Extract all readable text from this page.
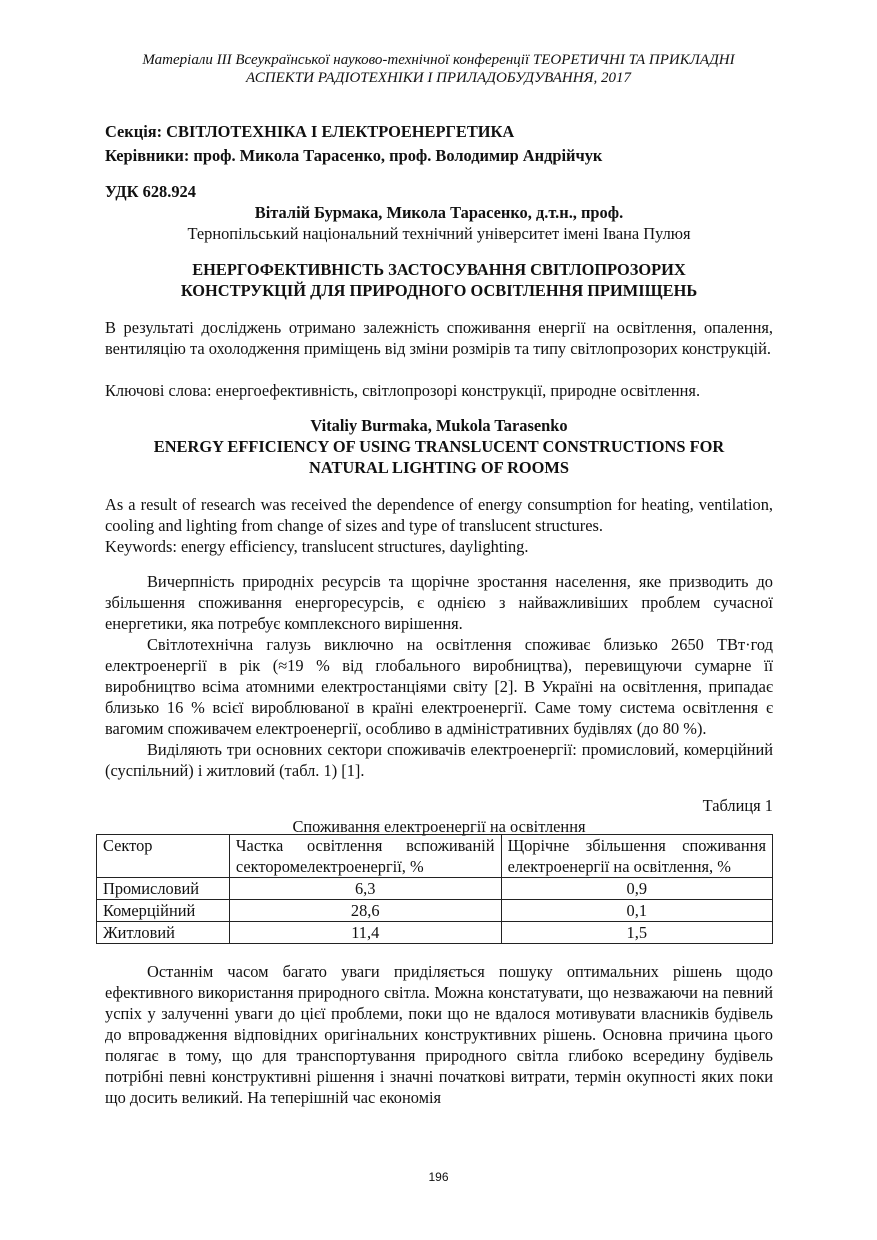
Матеріали III Всеукраїнської науково-технічної конференції ТЕОРЕТИЧНІ ТА ПРИКЛАДНІ
АСПЕКТИ РАДІОТЕХНІКИ І ПРИЛАДОБУДУВАННЯ, 2017
Секція: СВІТЛОТЕХНІКА І ЕЛЕКТРОЕНЕРГЕТИКА
Керівники: проф. Микола Тарасенко, проф. Володимир Андрійчук
УДК 628.924
Віталій Бурмака, Микола Тарасенко, д.т.н., проф.
Тернопільський національний технічний університет імені Івана Пулюя
ЕНЕРГОФЕКТИВНІСТЬ ЗАСТОСУВАННЯ СВІТЛОПРОЗОРИХ
КОНСТРУКЦІЙ ДЛЯ ПРИРОДНОГО ОСВІТЛЕННЯ ПРИМІЩЕНЬ

В результаті досліджень отримано залежність споживання енергії на освітлення, опалення, вентиляцію та охолодження приміщень від зміни розмірів та типу світлопрозорих конструкцій.

Ключові слова: енергоефективність, світлопрозорі конструкції, природне освітлення.

Vitaliy Burmaka, Mukola Tarasenko
ENERGY EFFICIENCY OF USING TRANSLUCENT CONSTRUCTIONS FOR
NATURAL LIGHTING OF ROOMS

As a result of research was received the dependence of energy consumption for heating, ventilation, cooling and lighting from change of sizes and type of translucent structures.

Keywords: energy efficiency, translucent structures, daylighting.

Вичерпність природніх ресурсів та щорічне зростання населення, яке призводить до збільшення споживання енергоресурсів, є однією з найважливіших проблем сучасної енергетики, яка потребує комплексного вирішення.

Світлотехнічна галузь виключно на освітлення споживає близько 2650 ТВт·год електроенергії в рік (≈19 % від глобального виробництва), перевищуючи сумарне її виробництво всіма атомними електростанціями світу [2]. В Україні на освітлення, припадає близько 16 % всієї вироблюваної в країні електроенергії. Саме тому система освітлення є вагомим споживачем електроенергії, особливо в адміністративних будівлях (до 80 %).

Виділяють три основних сектори споживачів електроенергії: промисловий, комерційний (суспільний) і житловий (табл. 1) [1].

Таблиця 1
Споживання електроенергії на освітлення
Сектор	Частка освітлення вспоживаній секторомелектроенергії, %	Щорічне збільшення споживання електроенергії на освітлення, %
Промисловий	6,3	0,9
Комерційний	28,6	0,1
Житловий	11,4	1,5

Останнім часом багато уваги приділяється пошуку оптимальних рішень щодо ефективного використання природного світла. Можна констатувати, що незважаючи на певний успіх у залученні уваги до цієї проблеми, поки що не вдалося мотивувати власників будівель до впровадження відповідних оригінальних конструктивних рішень. Основна причина цього полягає в тому, що для транспортування природного світла глибоко всередину будівель потрібні певні конструктивні рішення і значні початкові витрати, термін окупності яких поки що досить великий. На теперішній час економія

196
